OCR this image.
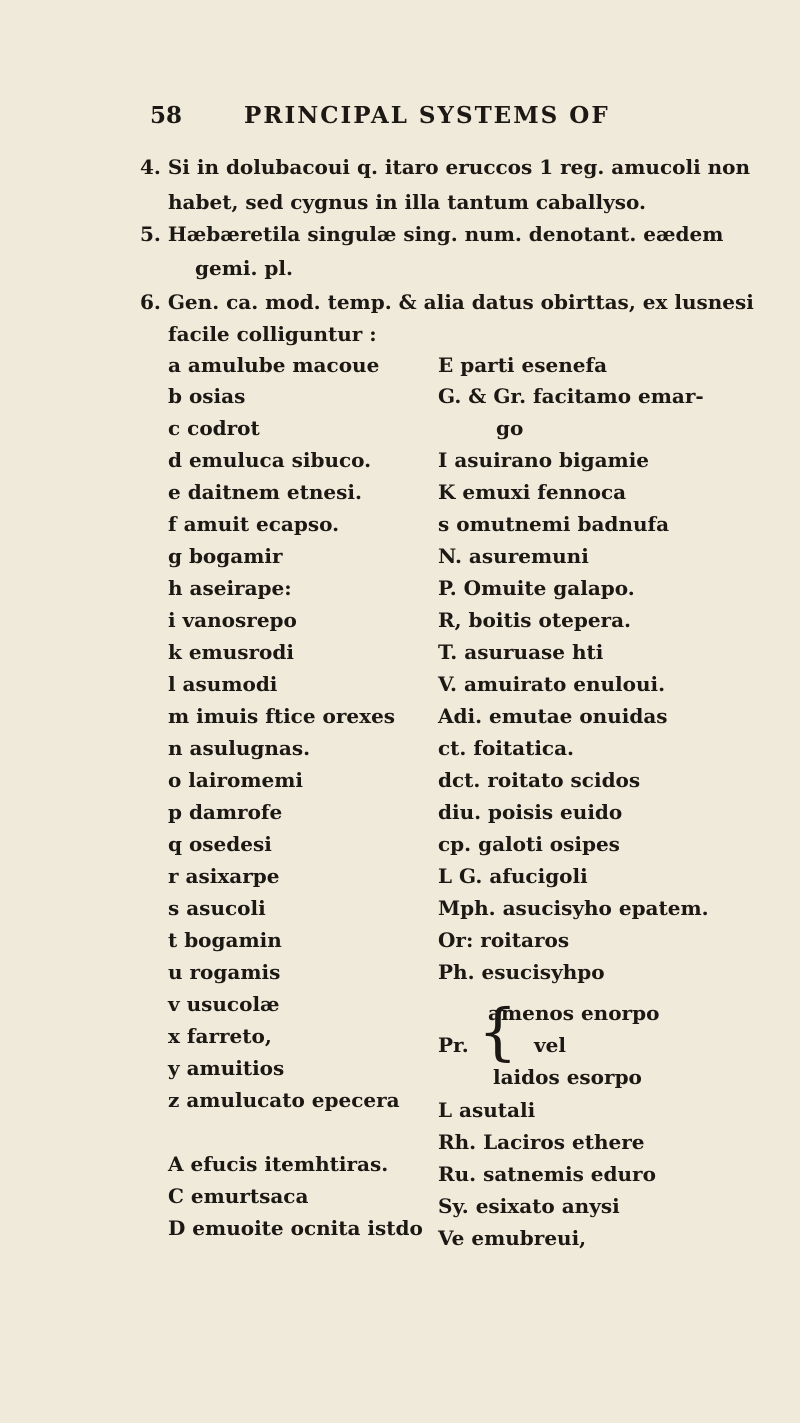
58	PRINCIPAL SYSTEMS OF
4. Si in dolubacoui q. itaro eruccos 1 reg. amucoli non
habet, sed cygnus in illa tantum caballyso.
5. Hæbæretila singulæ sing. num. denotant. eædem
gemi. pl.
6. Gen. ca. mod. temp. & alia datus obirttas, ex lusnesi
facile colliguntur :
a amulube macoue
b osias
c codrot
d emuluca sibuco.
e daitnem etnesi.
f amuit ecapso.
g bogamir
h aseirape:
i vanosrepo
k emusrodi
l asumodi
m imuis ftice orexes
n asulugnas.
o lairomemi
p damrofe
q osedesi
r asixarpe
s asucoli
t bogamin
u rogamis
v usucolæ
x farreto,
y amuitios
z amulucato epecera
A efucis itemhtiras.
C emurtsaca
D emuoite ocnita istdo
E parti esenefa
G. & Gr. facitamo emar-
go
I asuirano bigamie
K emuxi fennoca
s omutnemi badnufa
N. asuremuni
P. Omuite galapo.
R, boitis otepera.
T. asuruase hti
V. amuirato enuloui.
Adi. emutae onuidas
ct. foitatica.
dct. roitato scidos
diu. poisis euido
cp. galoti osipes
L G. afucigoli
Mph. asucisyho epatem.
Or: roitaros
Ph. esucisyhpo
Pr. {
amenos enorpo
vel
laidos esorpo
L asutali
Rh. Laciros ethere
Ru. satnemis eduro
Sy. esixato anysi
Ve emubreui,
